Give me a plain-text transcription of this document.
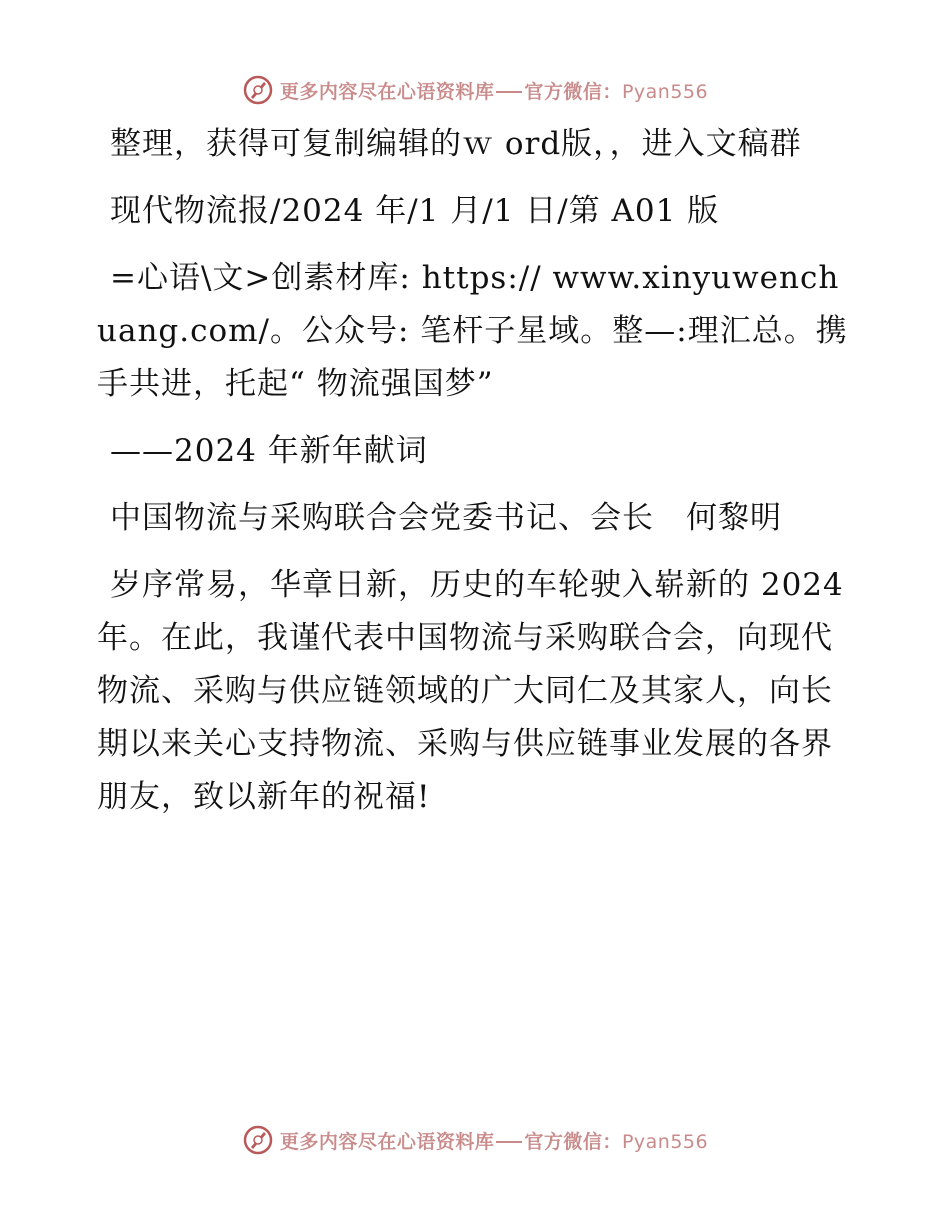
更多内容尽在心语资料库 官方微信：Pyan556

整理，获得可复制编辑的ｗ ord版，，进入文稿群

现代物流报/2024 年/1 月/1 日/第 A01 版

=心语\文>创素材库: https:// www.xinyuwenchuang.com/。公众号: 笔杆子星域。整—:理汇总。携手共进，托起“ 物流强国梦”

——2024 年新年献词

中国物流与采购联合会党委书记、会长　何黎明

岁序常易，华章日新，历史的车轮驶入崭新的 2024 年。在此，我谨代表中国物流与采购联合会，向现代物流、采购与供应链领域的广大同仁及其家人，向长期以来关心支持物流、采购与供应链事业发展的各界朋友，致以新年的祝福!

更多内容尽在心语资料库 官方微信：Pyan556
